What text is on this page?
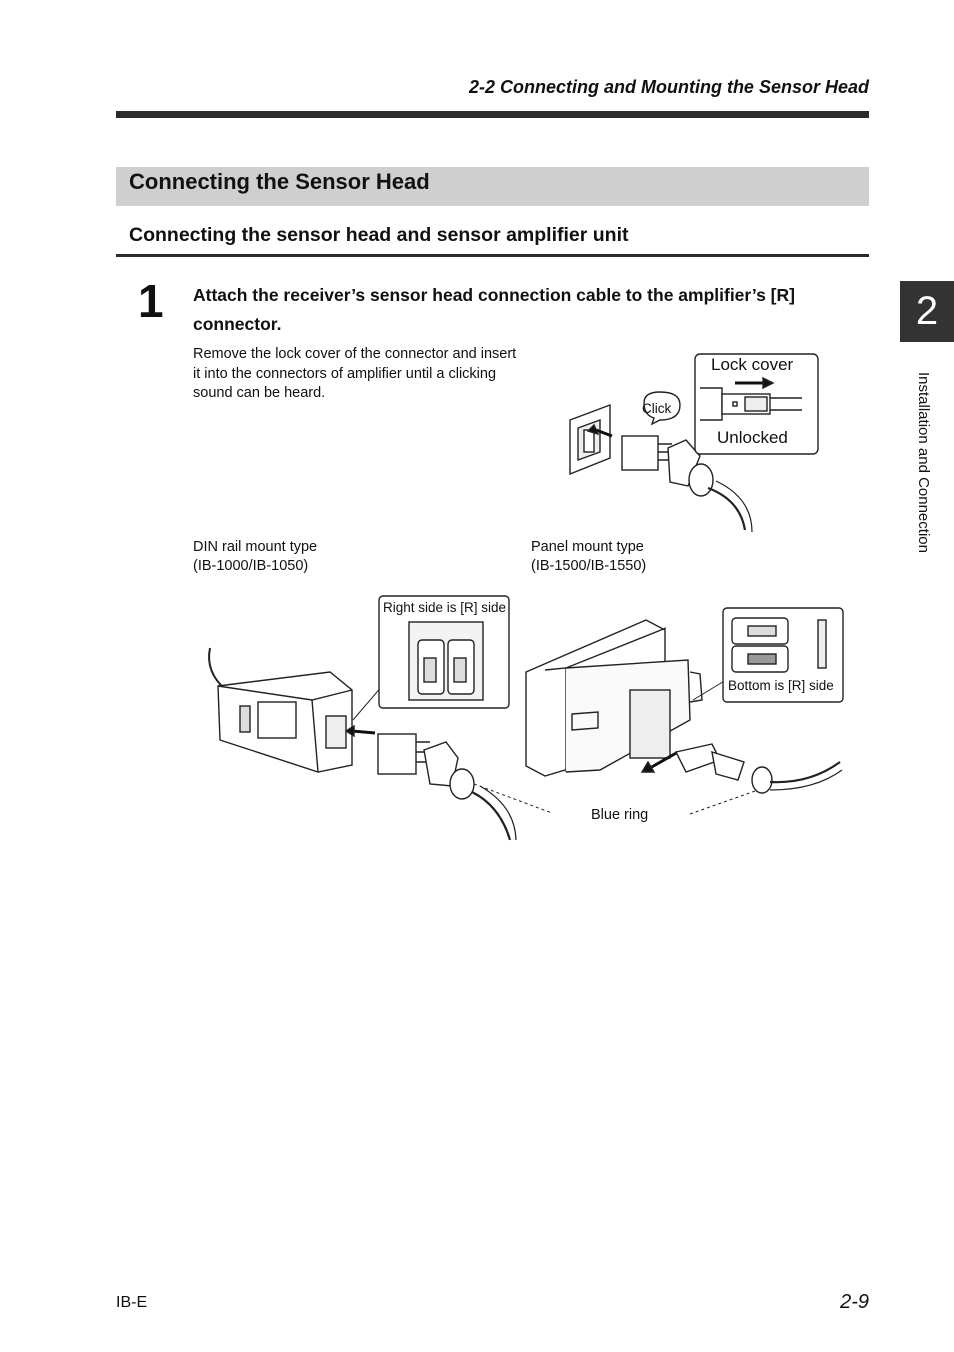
2-2 Connecting and Mounting the Sensor Head
Connecting the Sensor Head
Connecting the sensor head and sensor amplifier unit
1 Attach the receiver’s sensor head connection cable to the amplifier’s [R] connector.
Remove the lock cover of the connector and insert it into the connectors of amplifier until a clicking sound can be heard.
2
Installation and Connection
Click
Lock cover
Unlocked
DIN rail mount type
(IB-1000/IB-1050)
Panel mount type
(IB-1500/IB-1550)
Right side is [R] side
Bottom is [R] side
Blue ring
IB-E	2-9
